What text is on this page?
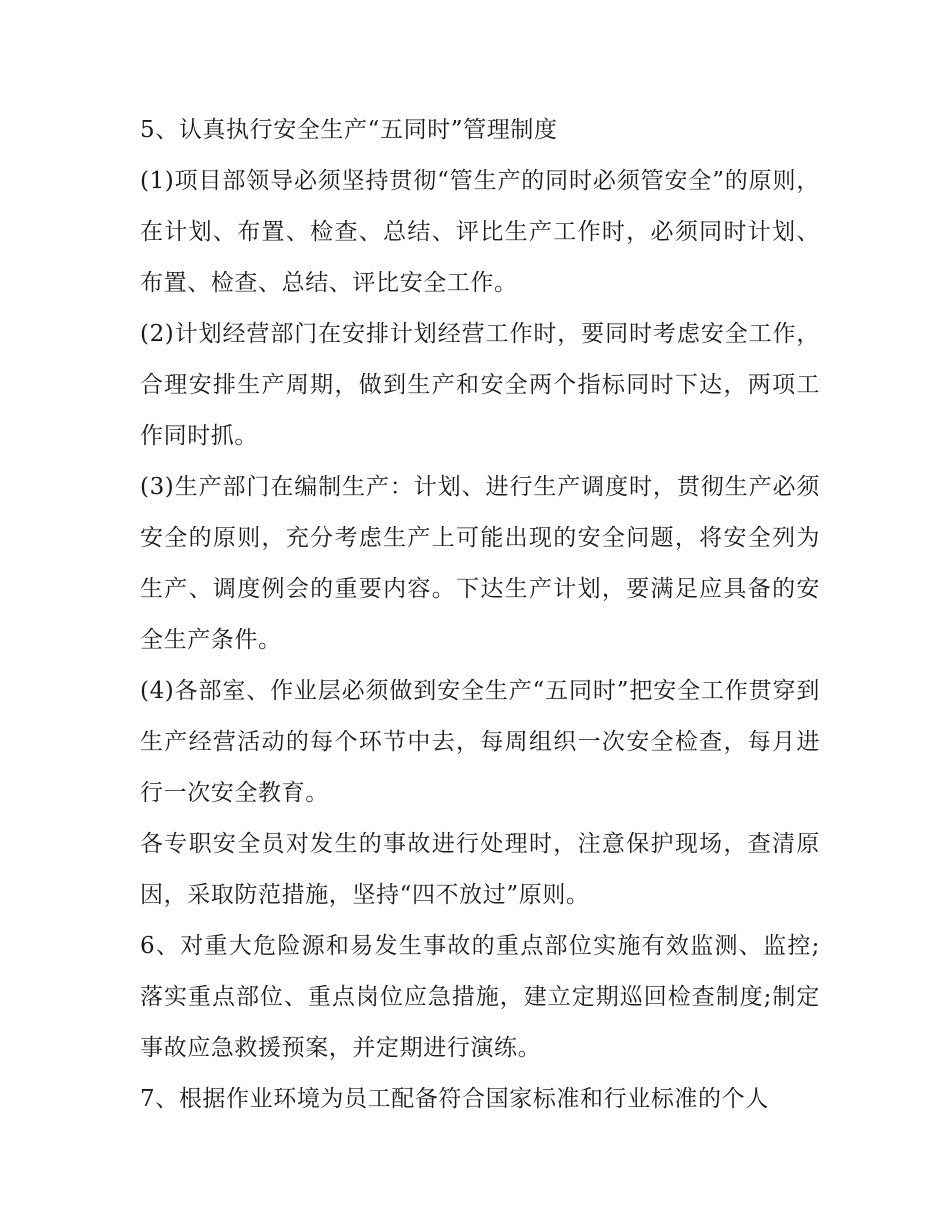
5、认真执行安全生产“五同时”管理制度

(1)项目部领导必须坚持贯彻“管生产的同时必须管安全”的原则，在计划、布置、检查、总结、评比生产工作时，必须同时计划、布置、检查、总结、评比安全工作。

(2)计划经营部门在安排计划经营工作时，要同时考虑安全工作，合理安排生产周期，做到生产和安全两个指标同时下达，两项工作同时抓。

(3)生产部门在编制生产：计划、进行生产调度时，贯彻生产必须安全的原则，充分考虑生产上可能出现的安全问题，将安全列为生产、调度例会的重要内容。下达生产计划，要满足应具备的安全生产条件。

(4)各部室、作业层必须做到安全生产“五同时”把安全工作贯穿到生产经营活动的每个环节中去，每周组织一次安全检查，每月进行一次安全教育。

各专职安全员对发生的事故进行处理时，注意保护现场，查清原因，采取防范措施，坚持“四不放过”原则。

6、对重大危险源和易发生事故的重点部位实施有效监测、监控;落实重点部位、重点岗位应急措施，建立定期巡回检查制度;制定事故应急救援预案，并定期进行演练。

7、根据作业环境为员工配备符合国家标准和行业标准的个人
